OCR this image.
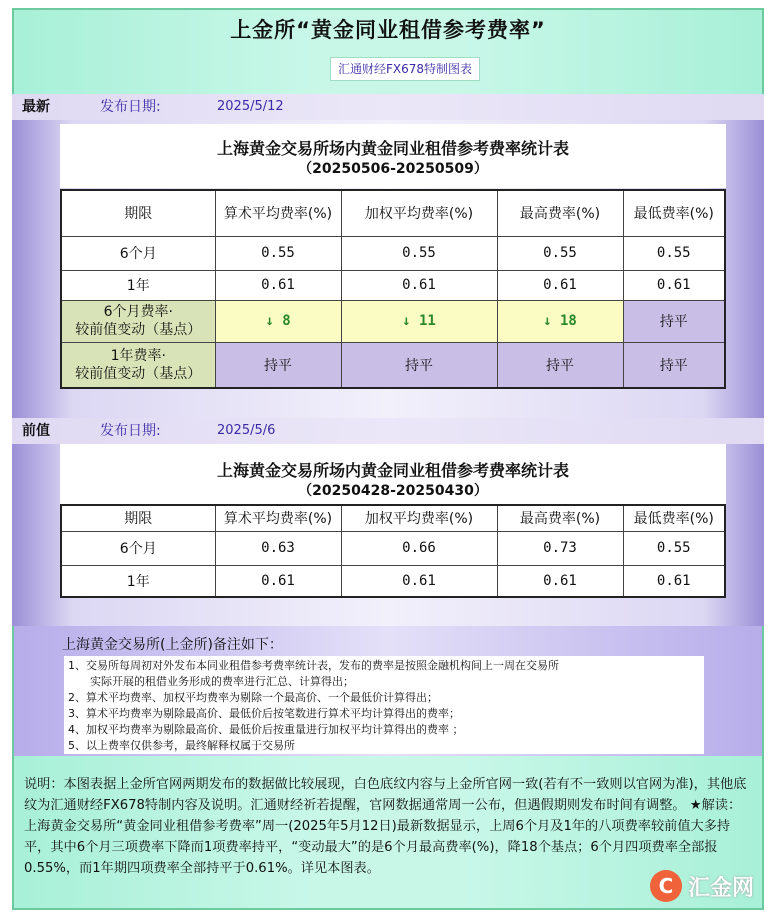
上金所“黄金同业租借参考费率”
汇通财经FX678特制图表
最新	发布日期:	2025/5/12
上海黄金交易所场内黄金同业租借参考费率统计表
（20250506-20250509）
期限	算术平均费率(%)	加权平均费率(%)	最高费率(%)	最低费率(%)
6个月	0.55	0.55	0.55	0.55
1年	0.61	0.61	0.61	0.61

6个月费率·
较前值变动（基点）	↓ 8	↓ 11	↓ 18	持平

1年费率·
较前值变动（基点）	持平	持平	持平	持平
前值	发布日期:	2025/5/6
上海黄金交易所场内黄金同业租借参考费率统计表
（20250428-20250430）
期限	算术平均费率(%)	加权平均费率(%)	最高费率(%)	最低费率(%)
6个月	0.63	0.66	0.73	0.55
1年	0.61	0.61	0.61	0.61
上海黄金交易所(上金所)备注如下：
1、交易所每周初对外发布本同业租借参考费率统计表，发布的费率是按照金融机构间上一周在交易所
　　实际开展的租借业务形成的费率进行汇总、计算得出；
2、算术平均费率、加权平均费率为剔除一个最高价、一个最低价计算得出；
3、算术平均费率为剔除最高价、最低价后按笔数进行算术平均计算得出的费率；
4、加权平均费率为剔除最高价、最低价后按重量进行加权平均计算得出的费率 ；
5、以上费率仅供参考，最终解释权属于交易所
说明：本图表据上金所官网两期发布的数据做比较展现，白色底纹内容与上金所官网一致(若有不一致则以官网为准)，其他底纹为汇通财经FX678特制内容及说明。汇通财经祈若提醒，官网数据通常周一公布，但遇假期则发布时间有调整。 ★解读：上海黄金交易所“黄金同业租借参考费率”周一(2025年5月12日)最新数据显示，上周6个月及1年的八项费率较前值大多持平，其中6个月三项费率下降而1项费率持平，“变动最大”的是6个月最高费率(%)，降18个基点；6个月四项费率全部报0.55%，而1年期四项费率全部持平于0.61%。详见本图表。
C 汇金网
